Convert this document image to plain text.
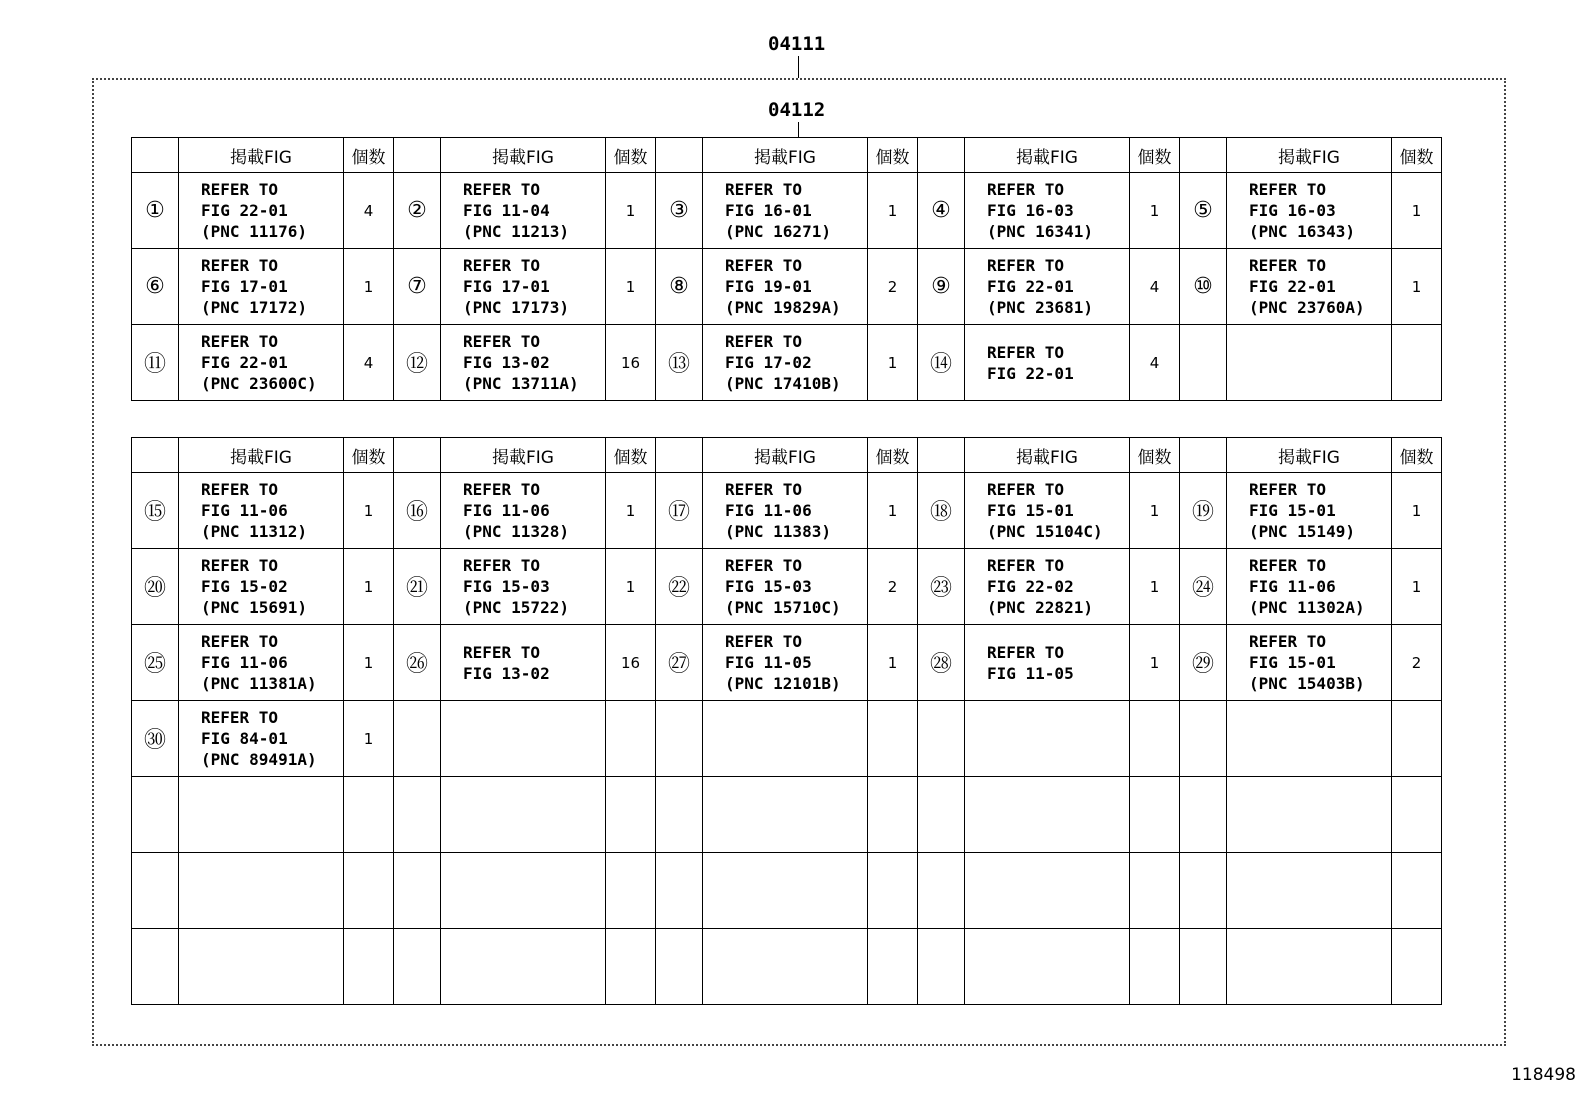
04111
04112
	掲載FIG	個数		掲載FIG	個数		掲載FIG	個数		掲載FIG	個数		掲載FIG	個数
①	REFER TO
FIG 22-01
(PNC 11176)	4	②	REFER TO
FIG 11-04
(PNC 11213)	1	③	REFER TO
FIG 16-01
(PNC 16271)	1	④	REFER TO
FIG 16-03
(PNC 16341)	1	⑤	REFER TO
FIG 16-03
(PNC 16343)	1
⑥	REFER TO
FIG 17-01
(PNC 17172)	1	⑦	REFER TO
FIG 17-01
(PNC 17173)	1	⑧	REFER TO
FIG 19-01
(PNC 19829A)	2	⑨	REFER TO
FIG 22-01
(PNC 23681)	4	⑩	REFER TO
FIG 22-01
(PNC 23760A)	1
⑪	REFER TO
FIG 22-01
(PNC 23600C)	4	⑫	REFER TO
FIG 13-02
(PNC 13711A)	16	⑬	REFER TO
FIG 17-02
(PNC 17410B)	1	⑭	REFER TO
FIG 22-01	4			
	掲載FIG	個数		掲載FIG	個数		掲載FIG	個数		掲載FIG	個数		掲載FIG	個数
⑮	REFER TO
FIG 11-06
(PNC 11312)	1	⑯	REFER TO
FIG 11-06
(PNC 11328)	1	⑰	REFER TO
FIG 11-06
(PNC 11383)	1	⑱	REFER TO
FIG 15-01
(PNC 15104C)	1	⑲	REFER TO
FIG 15-01
(PNC 15149)	1
⑳	REFER TO
FIG 15-02
(PNC 15691)	1	㉑	REFER TO
FIG 15-03
(PNC 15722)	1	㉒	REFER TO
FIG 15-03
(PNC 15710C)	2	㉓	REFER TO
FIG 22-02
(PNC 22821)	1	㉔	REFER TO
FIG 11-06
(PNC 11302A)	1
㉕	REFER TO
FIG 11-06
(PNC 11381A)	1	㉖	REFER TO
FIG 13-02	16	㉗	REFER TO
FIG 11-05
(PNC 12101B)	1	㉘	REFER TO
FIG 11-05	1	㉙	REFER TO
FIG 15-01
(PNC 15403B)	2
㉚	REFER TO
FIG 84-01
(PNC 89491A)	1												

118498
